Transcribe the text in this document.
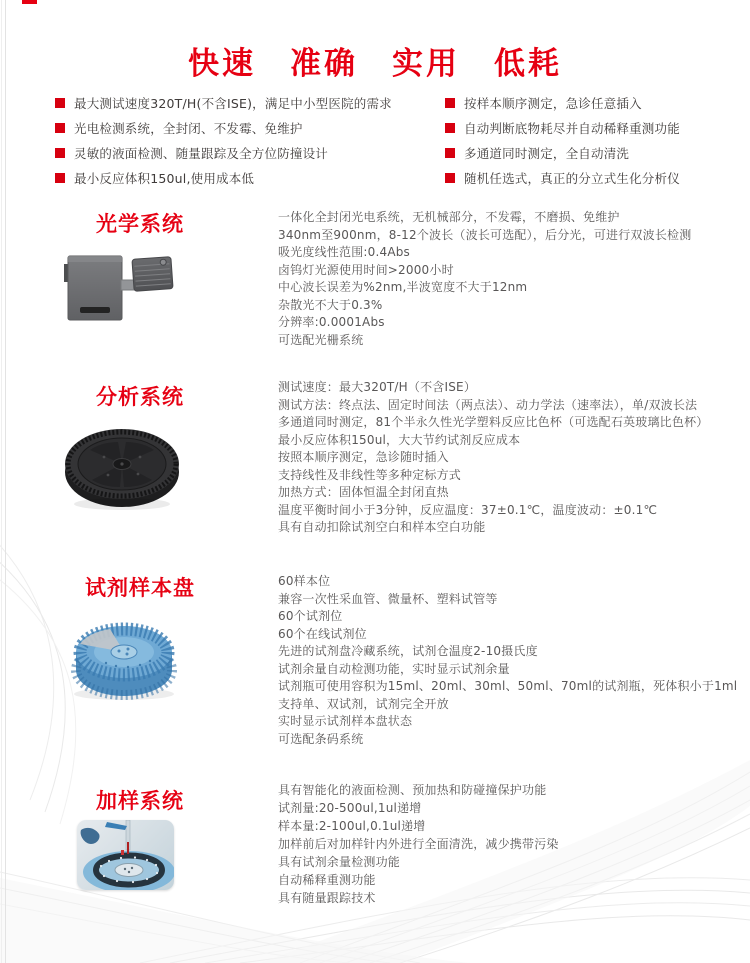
快速　准确　实用　低耗
最大测试速度320T/H(不含ISE)，满足中小型医院的需求
光电检测系统，全封闭、不发霉、免维护
灵敏的液面检测、随量跟踪及全方位防撞设计
最小反应体积150ul,使用成本低
按样本顺序测定，急诊任意插入
自动判断底物耗尽并自动稀释重测功能
多通道同时测定，全自动清洗
随机任选式，真正的分立式生化分析仪
光学系统	一体化全封闭光电系统，无机械部分，不发霉，不磨损、免维护
340nm至900nm，8-12个波长（波长可选配），后分光，可进行双波长检测
吸光度线性范围:0.4Abs
卤钨灯光源使用时间>2000小时
中心波长误差为%2nm,半波宽度不大于12nm
杂散光不大于0.3%
分辨率:0.0001Abs
可选配光栅系统
分析系统	测试速度：最大320T/H（不含ISE）
测试方法：终点法、固定时间法（两点法）、动力学法（速率法），单/双波长法
多通道同时测定，81个半永久性光学塑料反应比色杯（可选配石英玻璃比色杯）
最小反应体积150ul，大大节约试剂反应成本
按照本顺序测定，急诊随时插入
支持线性及非线性等多种定标方式
加热方式：固体恒温全封闭直热
温度平衡时间小于3分钟，反应温度：37±0.1℃，温度波动：±0.1℃
具有自动扣除试剂空白和样本空白功能
试剂样本盘	60样本位
兼容一次性采血管、微量杯、塑料试管等
60个试剂位
60个在线试剂位
先进的试剂盘冷藏系统，试剂仓温度2-10摄氏度
试剂余量自动检测功能，实时显示试剂余量
试剂瓶可使用容积为15ml、20ml、30ml、50ml、70ml的试剂瓶，死体积小于1ml
支持单、双试剂，试剂完全开放
实时显示试剂样本盘状态
可选配条码系统
加样系统	具有智能化的液面检测、预加热和防碰撞保护功能
试剂量:20-500ul,1ul递增
样本量:2-100ul,0.1ul递增
加样前后对加样针内外进行全面清洗，减少携带污染
具有试剂余量检测功能
自动稀释重测功能
具有随量跟踪技术
